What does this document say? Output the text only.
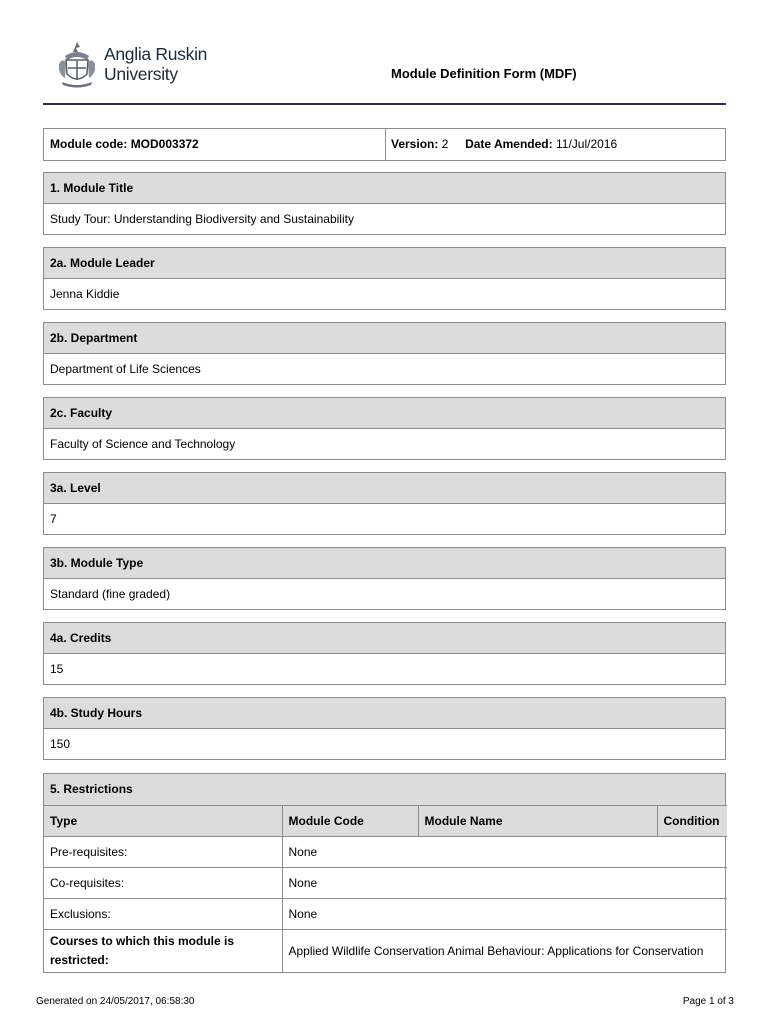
Anglia Ruskin
University	Module Definition Form (MDF)
Module code: MOD003372	Version: 2 Date Amended: 11/Jul/2016
1. Module Title
Study Tour: Understanding Biodiversity and Sustainability
2a. Module Leader
Jenna Kiddie
2b. Department
Department of Life Sciences
2c. Faculty
Faculty of Science and Technology
3a. Level
7
3b. Module Type
Standard (fine graded)
4a. Credits
15
4b. Study Hours
150
5. Restrictions
Type	Module Code	Module Name	Condition
Pre-requisites:	None		
Co-requisites:	None		
Exclusions:	None		
Courses to which this module is restricted:	Applied Wildlife Conservation Animal Behaviour: Applications for Conservation		
Generated on 24/05/2017, 06:58:30	Page 1 of 3
